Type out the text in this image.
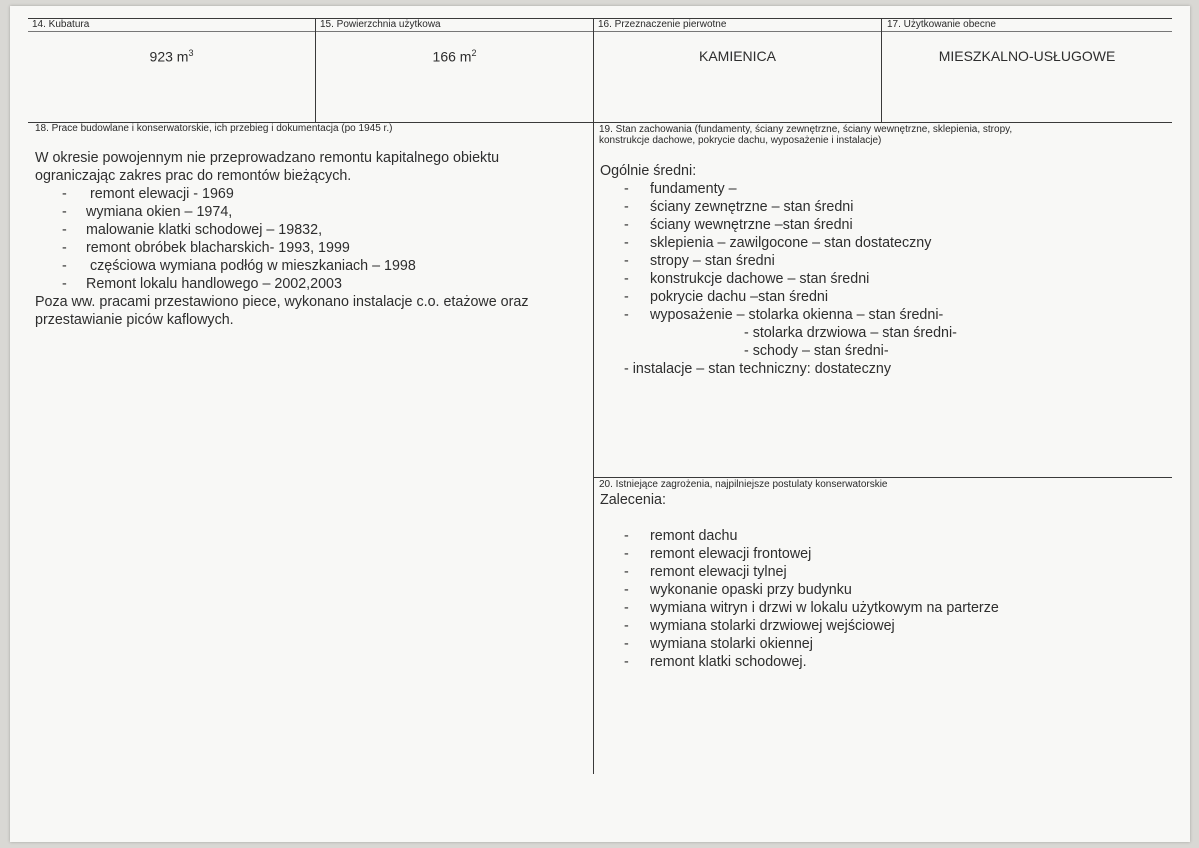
14. Kubatura
923 $m^3$
15. Powierzchnia użytkowa
166 $m^2$
16. Przeznaczenie pierwotne
KAMIENICA
17. Użytkowanie obecne
MIESZKALNO-USŁUGOWE
18. Prace budowlane i konserwatorskie, ich przebieg i dokumentacja (po 1945 r.)
W okresie powojennym nie przeprowadzano remontu kapitalnego obiektu
ograniczając zakres prac do remontów bieżących.
- remont elewacji - 1969
- wymiana okien – 1974,
- malowanie klatki schodowej – 19832,
- remont obróbek blacharskich- 1993, 1999
- częściowa wymiana podłóg w mieszkaniach – 1998
- Remont lokalu handlowego – 2002,2003
Poza ww. pracami przestawiono piece, wykonano instalacje c.o. etażowe oraz
przestawianie piców kaflowych.
19. Stan zachowania (fundamenty, ściany zewnętrzne, ściany wewnętrzne, sklepienia, stropy,
konstrukcje dachowe, pokrycie dachu, wyposażenie i instalacje)
Ogólnie średni:
- fundamenty –
- ściany zewnętrzne – stan średni
- ściany wewnętrzne –stan średni
- sklepienia – zawilgocone – stan dostateczny
- stropy – stan średni
- konstrukcje dachowe – stan średni
- pokrycie dachu –stan średni
- wyposażenie – stolarka okienna – stan średni-
- stolarka drzwiowa – stan średni-
- schody – stan średni-
- instalacje – stan techniczny: dostateczny
20. Istniejące zagrożenia, najpilniejsze postulaty konserwatorskie
Zalecenia:
- remont dachu
- remont elewacji frontowej
- remont elewacji tylnej
- wykonanie opaski przy budynku
- wymiana witryn i drzwi w lokalu użytkowym na parterze
- wymiana stolarki drzwiowej wejściowej
- wymiana stolarki okiennej
- remont klatki schodowej.
